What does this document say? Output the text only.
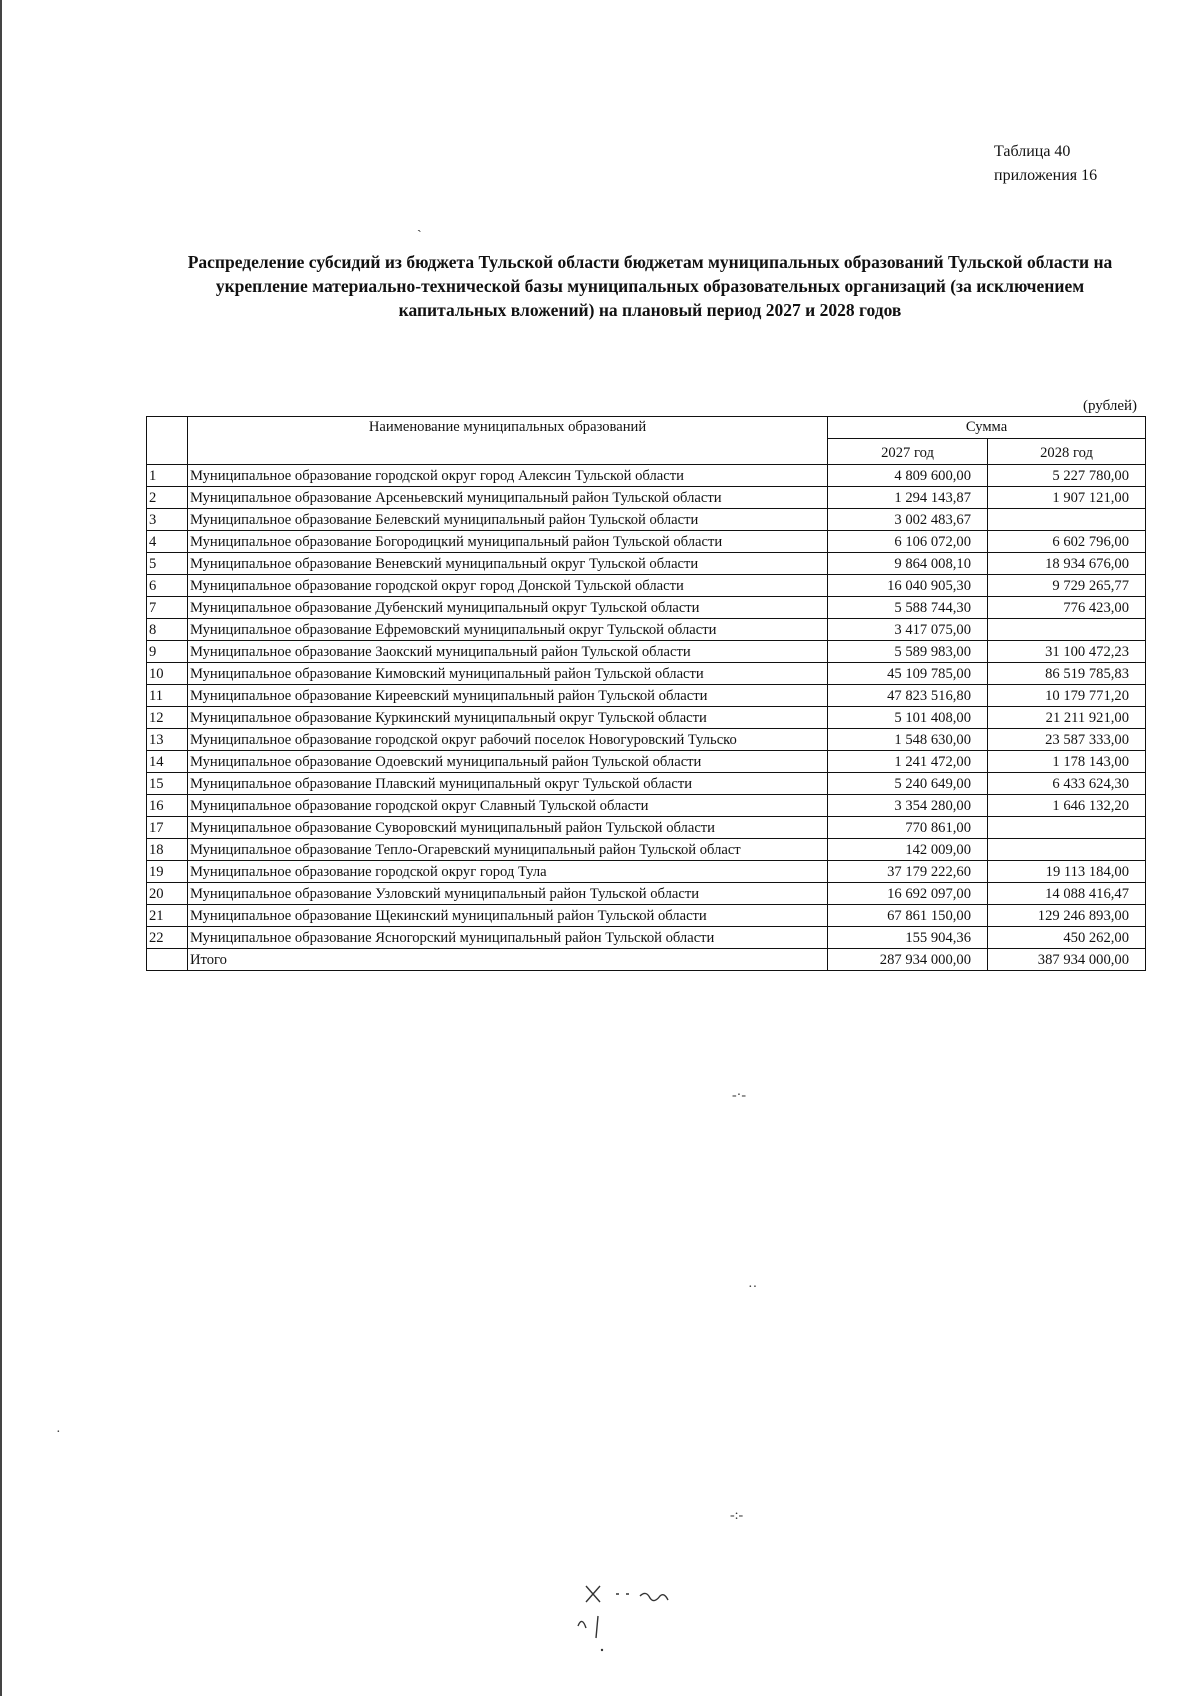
Таблица 40
приложения 16
Распределение субсидий из бюджета Тульской области бюджетам муниципальных образований Тульской области на укрепление материально-технической базы муниципальных образовательных организаций (за исключением капитальных вложений) на плановый период 2027 и 2028 годов
(рублей)
	Наименование муниципальных образований	Сумма	
		2027 год	2028 год

1	Муниципальное образование городской округ город Алексин Тульской области	4 809 600,00	5 227 780,00
2	Муниципальное образование Арсеньевский муниципальный район Тульской области	1 294 143,87	1 907 121,00
3	Муниципальное образование Белевский муниципальный район Тульской области	3 002 483,67	
4	Муниципальное образование Богородицкий муниципальный район Тульской области	6 106 072,00	6 602 796,00
5	Муниципальное образование Веневский муниципальный округ Тульской области	9 864 008,10	18 934 676,00
6	Муниципальное образование городской округ город Донской Тульской области	16 040 905,30	9 729 265,77
7	Муниципальное образование Дубенский муниципальный округ Тульской области	5 588 744,30	776 423,00
8	Муниципальное образование Ефремовский муниципальный округ Тульской области	3 417 075,00	
9	Муниципальное образование Заокский муниципальный район Тульской области	5 589 983,00	31 100 472,23
10	Муниципальное образование Кимовский муниципальный район Тульской области	45 109 785,00	86 519 785,83
11	Муниципальное образование Киреевский муниципальный район Тульской области	47 823 516,80	10 179 771,20
12	Муниципальное образование Куркинский муниципальный округ Тульской области	5 101 408,00	21 211 921,00
13	Муниципальное образование городской округ рабочий поселок Новогуровский Тульско	1 548 630,00	23 587 333,00
14	Муниципальное образование Одоевский муниципальный район Тульской области	1 241 472,00	1 178 143,00
15	Муниципальное образование Плавский муниципальный округ Тульской области	5 240 649,00	6 433 624,30
16	Муниципальное образование городской округ Славный Тульской области	3 354 280,00	1 646 132,20
17	Муниципальное образование Суворовский муниципальный район Тульской области	770 861,00	
18	Муниципальное образование Тепло-Огаревский муниципальный район Тульской област	142 009,00	
19	Муниципальное образование городской округ город Тула	37 179 222,60	19 113 184,00
20	Муниципальное образование Узловский муниципальный район Тульской области	16 692 097,00	14 088 416,47
21	Муниципальное образование Щекинский муниципальный район Тульской области	67 861 150,00	129 246 893,00
22	Муниципальное образование Ясногорский муниципальный район Тульской области	155 904,36	450 262,00
	Итого	287 934 000,00	387 934 000,00
ˏ
-·-
··
·
-:-
